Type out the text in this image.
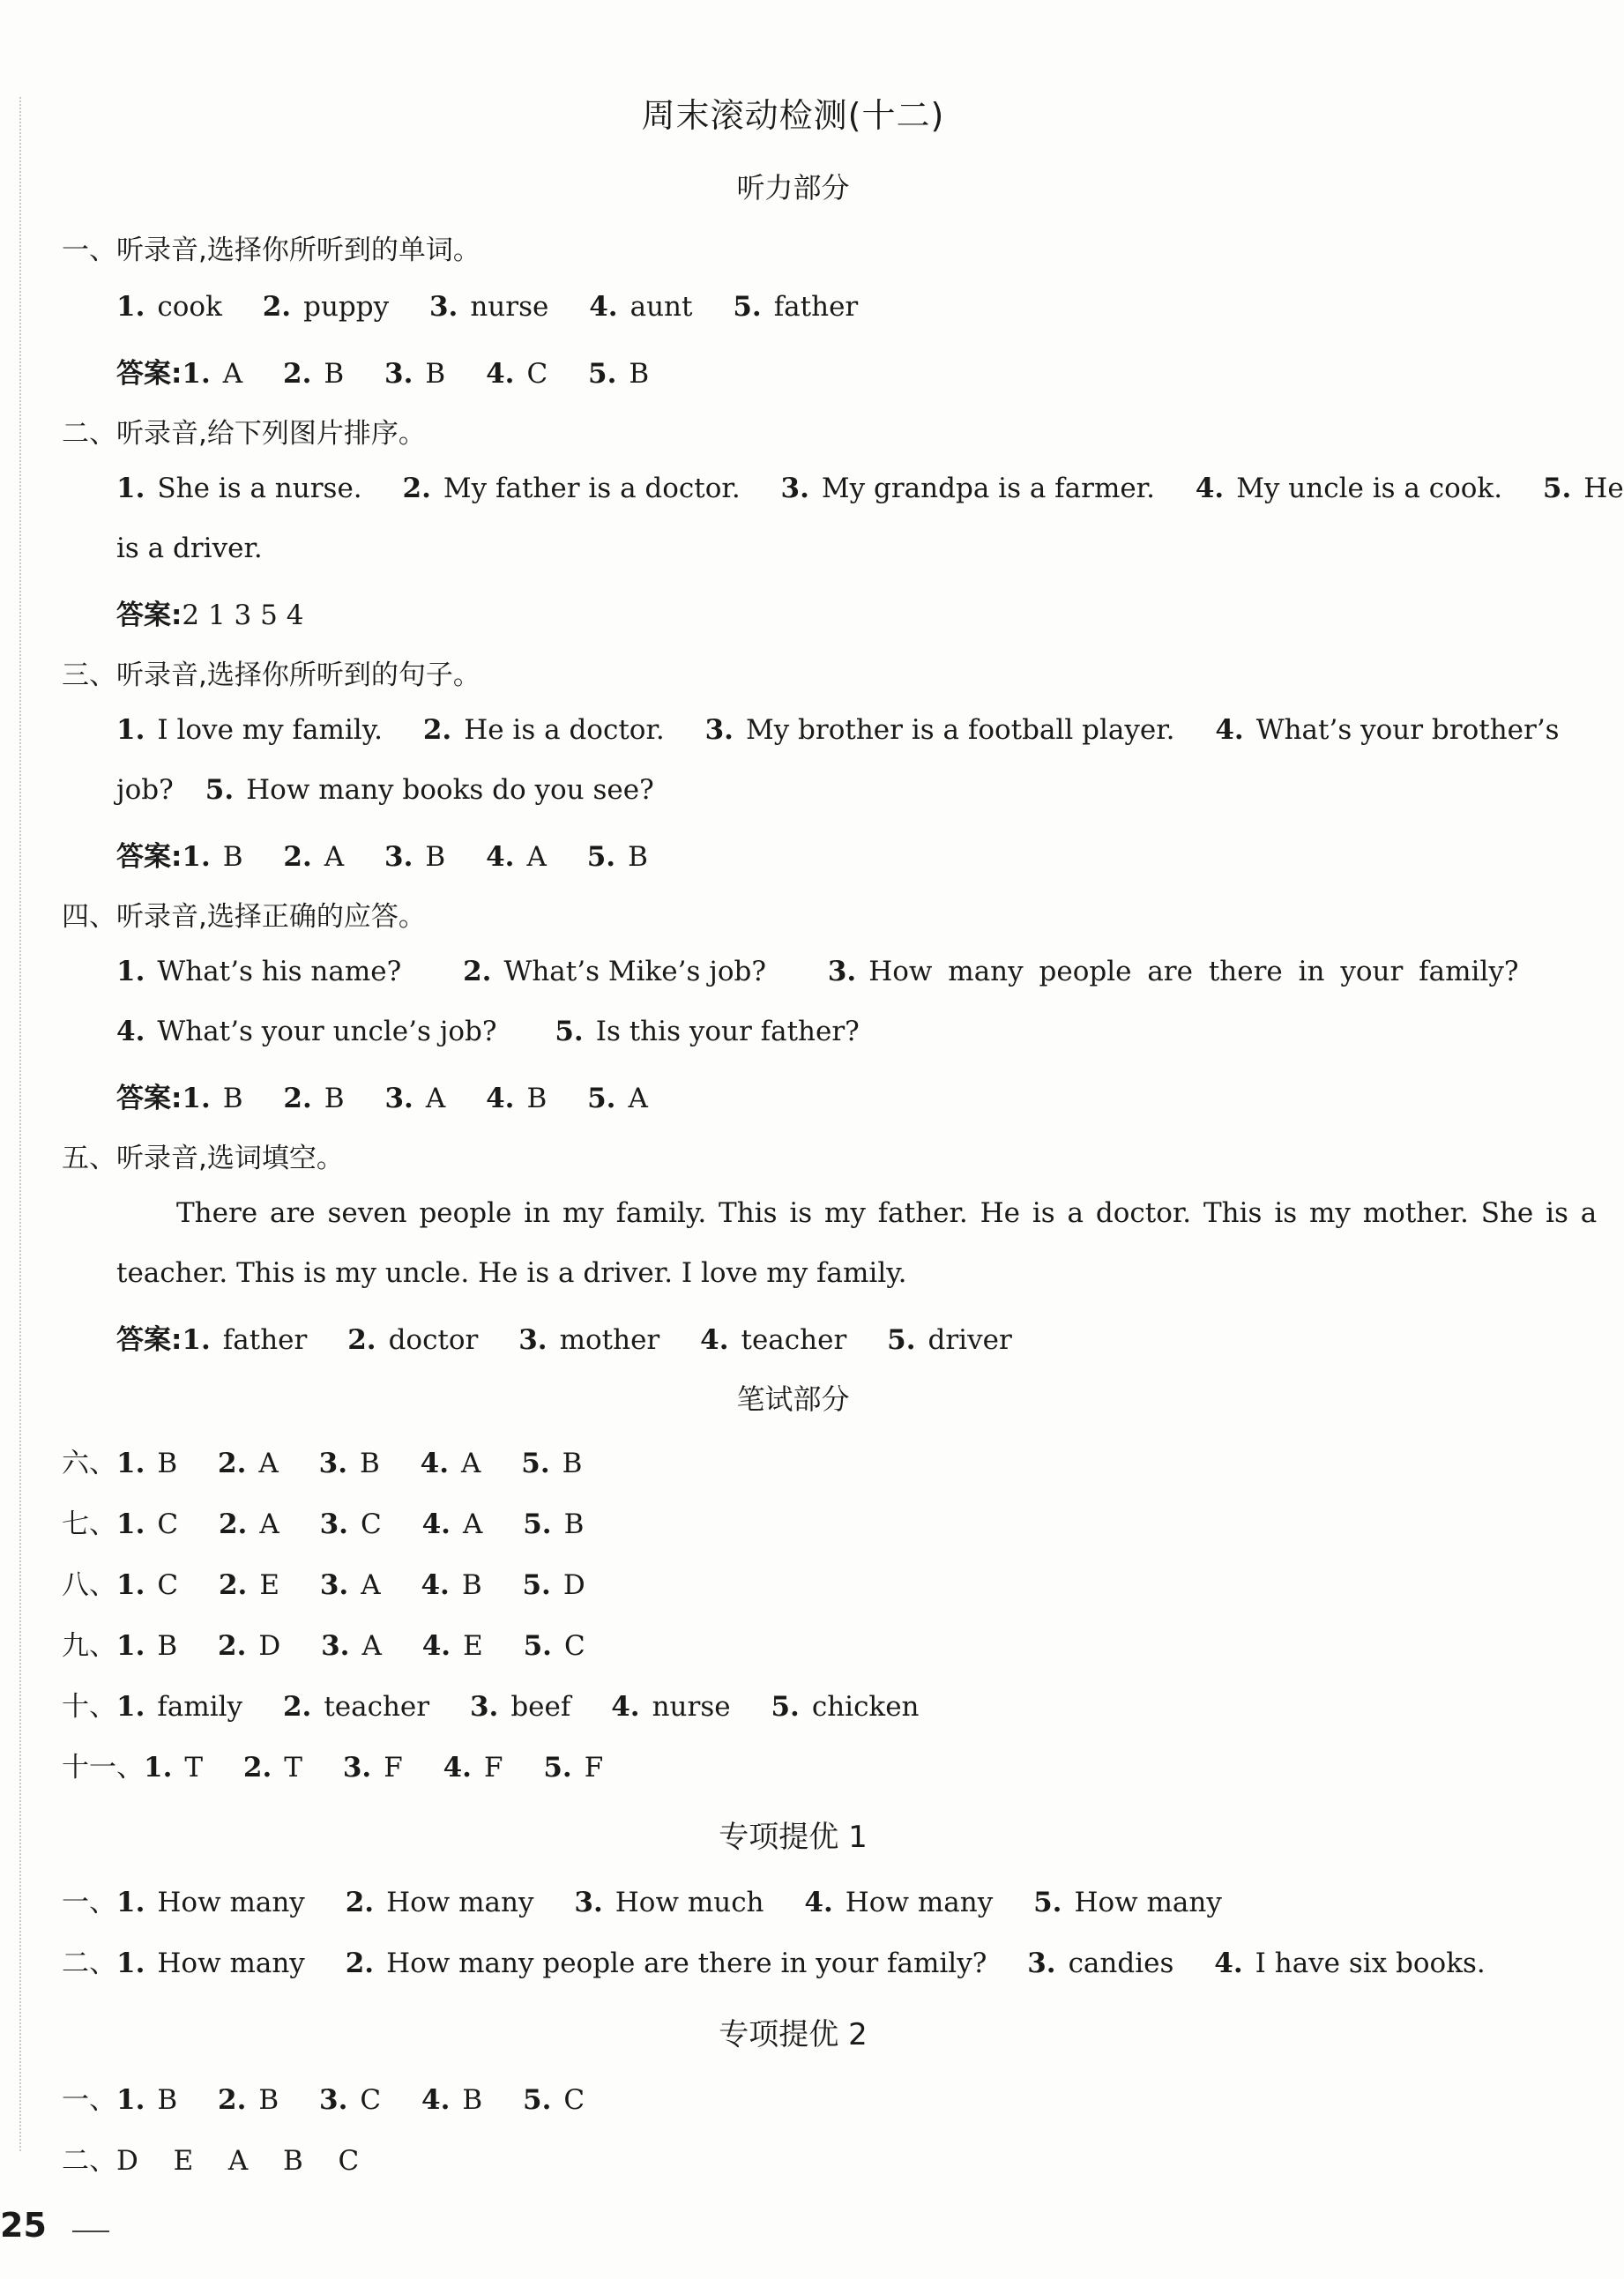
周末滚动检测(十二)
听力部分
一、听录音,选择你所听到的单词。
1. cook 2. puppy 3. nurse 4. aunt 5. father
答案:1. A 2. B 3. B 4. C 5. B
二、听录音,给下列图片排序。
1. She is a nurse. 2. My father is a doctor. 3. My grandpa is a farmer. 4. My uncle is a cook. 5. He
is a driver.
答案:2 1 3 5 4
三、听录音,选择你所听到的句子。
1. I love my family. 2. He is a doctor. 3. My brother is a football player. 4. What’s your brother’s
job? 5. How many books do you see?
答案:1. B 2. A 3. B 4. A 5. B
四、听录音,选择正确的应答。
1. What’s his name? 2. What’s Mike’s job? 3. How many people are there in your family?
4. What’s your uncle’s job? 5. Is this your father?
答案:1. B 2. B 3. A 4. B 5. A
五、听录音,选词填空。
There are seven people in my family. This is my father. He is a doctor. This is my mother. She is a
teacher. This is my uncle. He is a driver. I love my family.
答案:1. father 2. doctor 3. mother 4. teacher 5. driver
笔试部分
六、1. B 2. A 3. B 4. A 5. B
七、1. C 2. A 3. C 4. A 5. B
八、1. C 2. E 3. A 4. B 5. D
九、1. B 2. D 3. A 4. E 5. C
十、1. family 2. teacher 3. beef 4. nurse 5. chicken
十一、1. T 2. T 3. F 4. F 5. F
专项提优 1
一、1. How many 2. How many 3. How much 4. How many 5. How many
二、1. How many 2. How many people are there in your family? 3. candies 4. I have six books.
专项提优 2
一、1. B 2. B 3. C 4. B 5. C
二、D  E  A  B  C
25
